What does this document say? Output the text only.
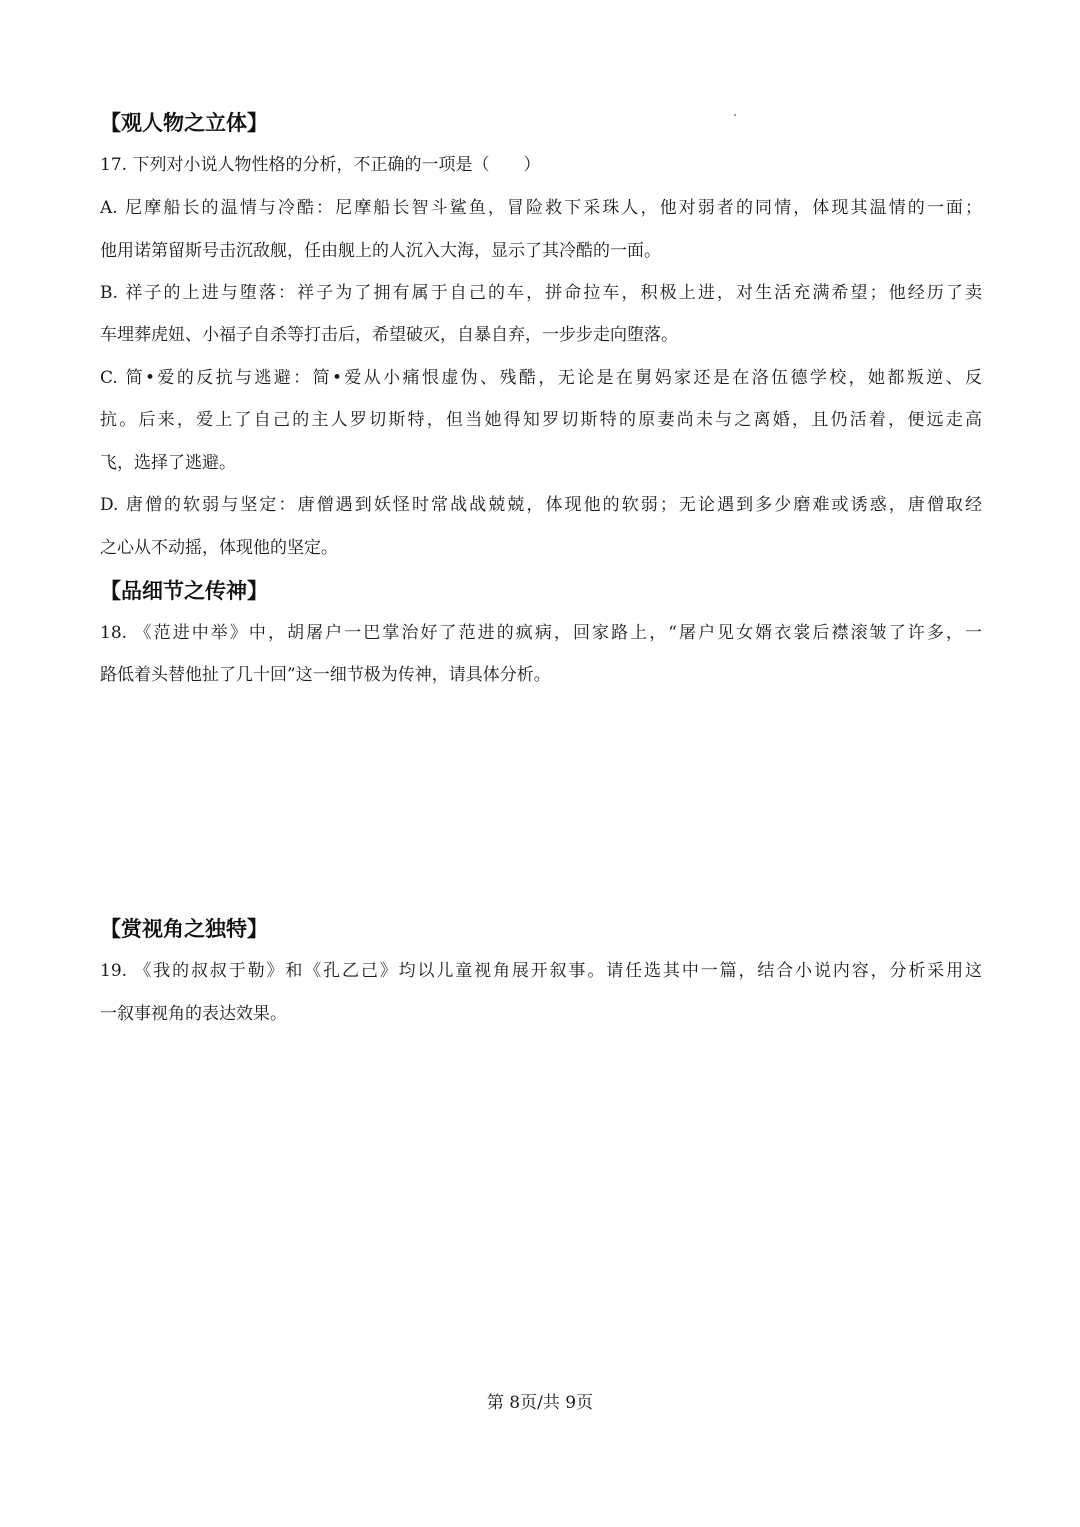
【观人物之立体】
17. 下列对小说人物性格的分析，不正确的一项是（　　）
A. 尼摩船长的温情与冷酷：尼摩船长智斗鲨鱼，冒险救下采珠人，他对弱者的同情，体现其温情的一面；
他用诺第留斯号击沉敌舰，任由舰上的人沉入大海，显示了其冷酷的一面。
B. 祥子的上进与堕落：祥子为了拥有属于自己的车，拼命拉车，积极上进，对生活充满希望；他经历了卖
车埋葬虎妞、小福子自杀等打击后，希望破灭，自暴自弃，一步步走向堕落。
C. 简•爱的反抗与逃避：简•爱从小痛恨虚伪、残酷，无论是在舅妈家还是在洛伍德学校，她都叛逆、反
抗。后来，爱上了自己的主人罗切斯特，但当她得知罗切斯特的原妻尚未与之离婚，且仍活着，便远走高
飞，选择了逃避。
D. 唐僧的软弱与坚定：唐僧遇到妖怪时常战战兢兢，体现他的软弱；无论遇到多少磨难或诱惑，唐僧取经
之心从不动摇，体现他的坚定。
【品细节之传神】
18. 《范进中举》中，胡屠户一巴掌治好了范进的疯病，回家路上，“屠户见女婿衣裳后襟滚皱了许多，一
路低着头替他扯了几十回”这一细节极为传神，请具体分析。
【赏视角之独特】
19. 《我的叔叔于勒》和《孔乙己》均以儿童视角展开叙事。请任选其中一篇，结合小说内容，分析采用这
一叙事视角的表达效果。
第 8页/共 9页
